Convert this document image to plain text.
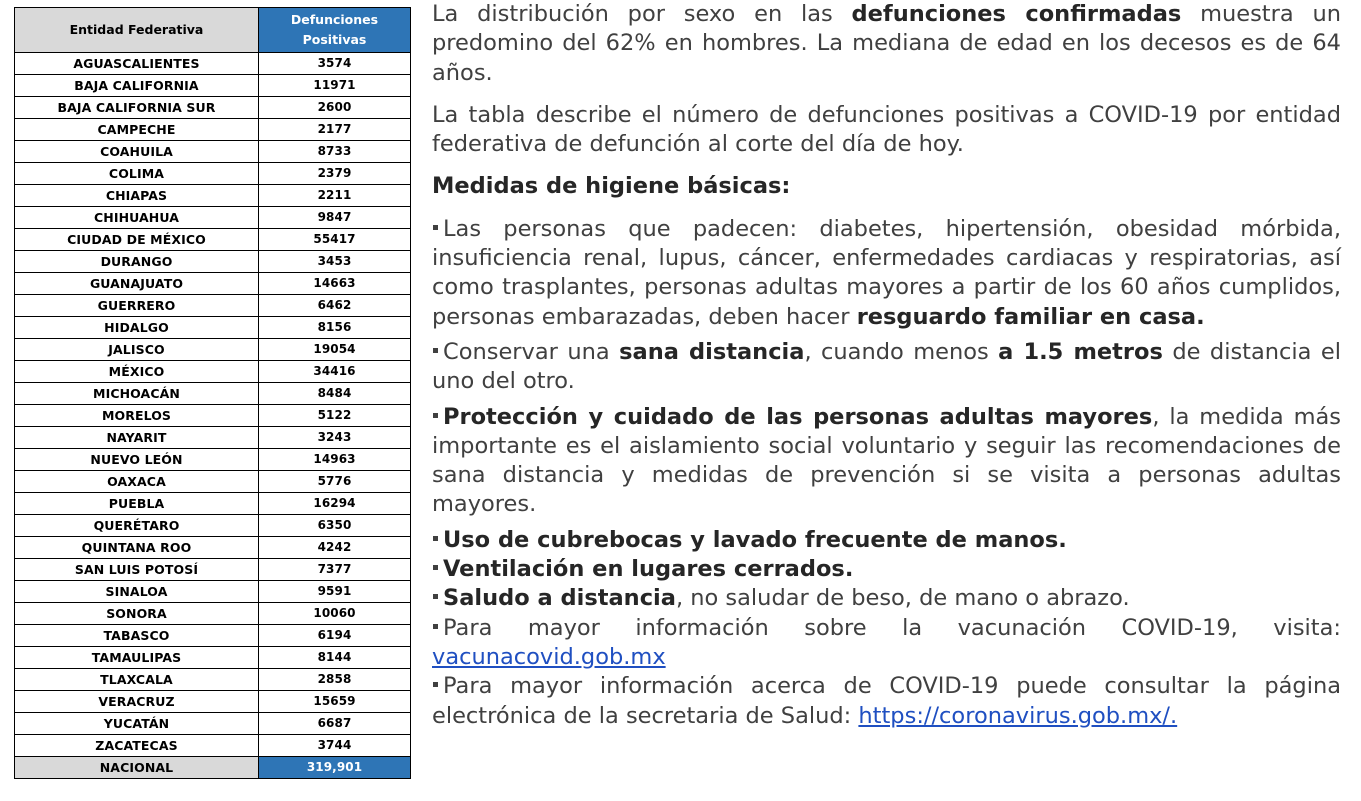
Entidad Federativa	Defunciones
Positivas
AGUASCALIENTES	3574
BAJA CALIFORNIA	11971
BAJA CALIFORNIA SUR	2600
CAMPECHE	2177
COAHUILA	8733
COLIMA	2379
CHIAPAS	2211
CHIHUAHUA	9847
CIUDAD DE MÉXICO	55417
DURANGO	3453
GUANAJUATO	14663
GUERRERO	6462
HIDALGO	8156
JALISCO	19054
MÉXICO	34416
MICHOACÁN	8484
MORELOS	5122
NAYARIT	3243
NUEVO LEÓN	14963
OAXACA	5776
PUEBLA	16294
QUERÉTARO	6350
QUINTANA ROO	4242
SAN LUIS POTOSÍ	7377
SINALOA	9591
SONORA	10060
TABASCO	6194
TAMAULIPAS	8144
TLAXCALA	2858
VERACRUZ	15659
YUCATÁN	6687
ZACATECAS	3744
NACIONAL	319,901

La distribución por sexo en las defunciones confirmadas muestra un predomino del 62% en hombres. La mediana de edad en los decesos es de 64 años.

La tabla describe el número de defunciones positivas a COVID-19 por entidad federativa de defunción al corte del día de hoy.

Medidas de higiene básicas:

Las personas que padecen: diabetes, hipertensión, obesidad mórbida, insuficiencia renal, lupus, cáncer, enfermedades cardiacas y respiratorias, así como trasplantes, personas adultas mayores a partir de los 60 años cumplidos, personas embarazadas, deben hacer resguardo familiar en casa.

Conservar una sana distancia, cuando menos a 1.5 metros de distancia el uno del otro.

Protección y cuidado de las personas adultas mayores, la medida más importante es el aislamiento social voluntario y seguir las recomendaciones de sana distancia y medidas de prevención si se visita a personas adultas mayores.

Uso de cubrebocas y lavado frecuente de manos.

Ventilación en lugares cerrados.

Saludo a distancia, no saludar de beso, de mano o abrazo.

Para mayor información sobre la vacunación COVID-19, visita: vacunacovid.gob.mx

Para mayor información acerca de COVID-19 puede consultar la página electrónica de la secretaria de Salud: https://coronavirus.gob.mx/.
